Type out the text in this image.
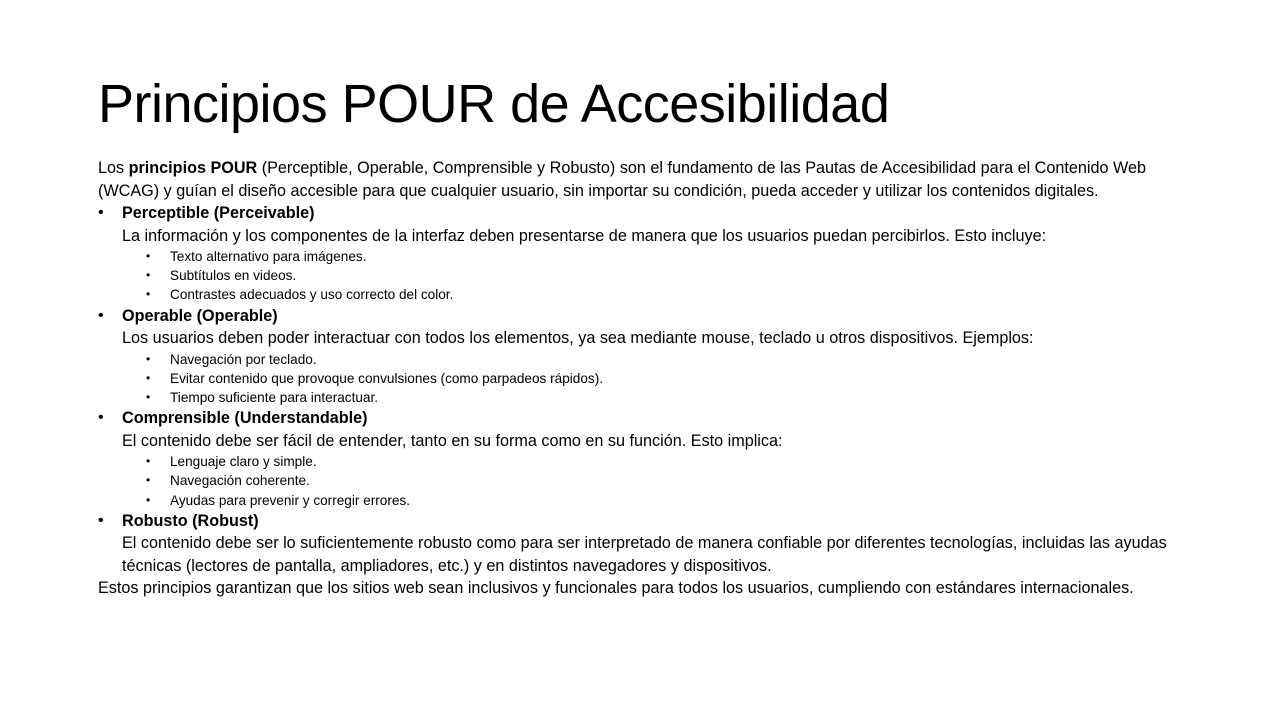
Principios POUR de Accesibilidad

Los principios POUR (Perceptible, Operable, Comprensible y Robusto) son el fundamento de las Pautas de Accesibilidad para el Contenido Web (WCAG) y guían el diseño accesible para que cualquier usuario, sin importar su condición, pueda acceder y utilizar los contenidos digitales.

•	Perceptible (Perceivable)
La información y los componentes de la interfaz deben presentarse de manera que los usuarios puedan percibirlos. Esto incluye:
• Texto alternativo para imágenes.
• Subtítulos en videos.
• Contrastes adecuados y uso correcto del color.
•	Operable (Operable)
Los usuarios deben poder interactuar con todos los elementos, ya sea mediante mouse, teclado u otros dispositivos. Ejemplos:
• Navegación por teclado.
• Evitar contenido que provoque convulsiones (como parpadeos rápidos).
• Tiempo suficiente para interactuar.
•	Comprensible (Understandable)
El contenido debe ser fácil de entender, tanto en su forma como en su función. Esto implica:
• Lenguaje claro y simple.
• Navegación coherente.
• Ayudas para prevenir y corregir errores.
•	Robusto (Robust)
El contenido debe ser lo suficientemente robusto como para ser interpretado de manera confiable por diferentes tecnologías, incluidas las ayudas técnicas (lectores de pantalla, ampliadores, etc.) y en distintos navegadores y dispositivos.

Estos principios garantizan que los sitios web sean inclusivos y funcionales para todos los usuarios, cumpliendo con estándares internacionales.
